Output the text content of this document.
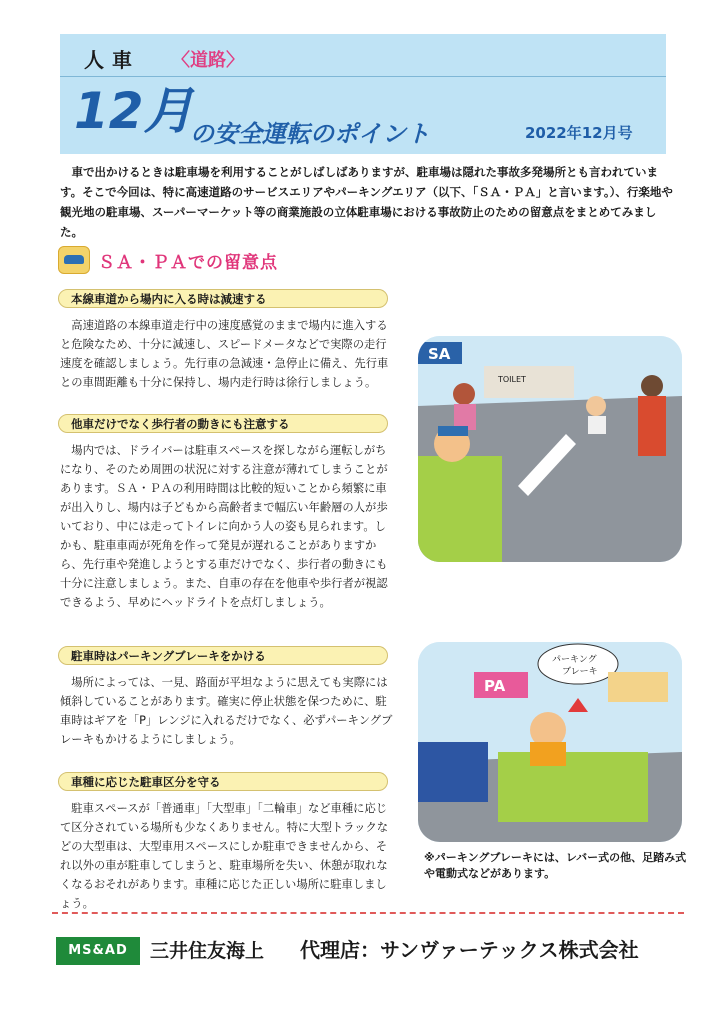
人車 〈道路〉
12月
の安全運転のポイント	2022年12月号
車で出かけるときは駐車場を利用することがしばしばありますが、駐車場は隠れた事故多発場所とも言われています。そこで今回は、特に高速道路のサービスエリアやパーキングエリア（以下、「ＳＡ・ＰＡ」と言います。）、行楽地や観光地の駐車場、スーパーマーケット等の商業施設の立体駐車場における事故防止のための留意点をまとめてみました。
ＳＡ・ＰＡでの留意点
本線車道から場内に入る時は減速する
高速道路の本線車道走行中の速度感覚のままで場内に進入すると危険なため、十分に減速し、スピードメータなどで実際の走行速度を確認しましょう。先行車の急減速・急停止に備え、先行車との車間距離も十分に保持し、場内走行時は徐行しましょう。
他車だけでなく歩行者の動きにも注意する
場内では、ドライバーは駐車スペースを探しながら運転しがちになり、そのため周囲の状況に対する注意が薄れてしまうことがあります。ＳＡ・ＰＡの利用時間は比較的短いことから頻繁に車が出入りし、場内は子どもから高齢者まで幅広い年齢層の人が歩いており、中には走ってトイレに向かう人の姿も見られます。しかも、駐車車両が死角を作って発見が遅れることがありますから、先行車や発進しようとする車だけでなく、歩行者の動きにも十分に注意しましょう。また、自車の存在を他車や歩行者が視認できるよう、早めにヘッドライトを点灯しましょう。
駐車時はパーキングブレーキをかける
場所によっては、一見、路面が平坦なように思えても実際には傾斜していることがあります。確実に停止状態を保つために、駐車時はギアを「P」レンジに入れるだけでなく、必ずパーキングブレーキもかけるようにしましょう。
車種に応じた駐車区分を守る
駐車スペースが「普通車」「大型車」「二輪車」など車種に応じて区分されている場所も少なくありません。特に大型トラックなどの大型車は、大型車用スペースにしか駐車できませんから、それ以外の車が駐車してしまうと、駐車場所を失い、休憩が取れなくなるおそれがあります。車種に応じた正しい場所に駐車しましょう。
SA
TOILET
PA
パーキング
ブレーキ
※パーキングブレーキには、レバー式の他、足踏み式や電動式などがあります。
MS&AD	三井住友海上 代理店：サンヴァーテックス株式会社
